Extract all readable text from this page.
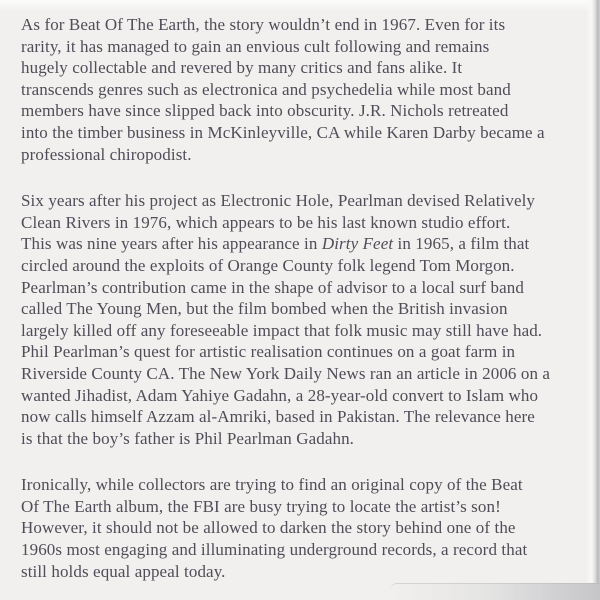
As for Beat Of The Earth, the story wouldn’t end in 1967. Even for its
rarity, it has managed to gain an envious cult following and remains
hugely collectable and revered by many critics and fans alike. It
transcends genres such as electronica and psychedelia while most band
members have since slipped back into obscurity. J.R. Nichols retreated
into the timber business in McKinleyville, CA while Karen Darby became a
professional chiropodist.
Six years after his project as Electronic Hole, Pearlman devised Relatively
Clean Rivers in 1976, which appears to be his last known studio effort.
This was nine years after his appearance in Dirty Feet in 1965, a film that
circled around the exploits of Orange County folk legend Tom Morgon.
Pearlman’s contribution came in the shape of advisor to a local surf band
called The Young Men, but the film bombed when the British invasion
largely killed off any foreseeable impact that folk music may still have had.
Phil Pearlman’s quest for artistic realisation continues on a goat farm in
Riverside County CA. The New York Daily News ran an article in 2006 on a
wanted Jihadist, Adam Yahiye Gadahn, a 28-year-old convert to Islam who
now calls himself Azzam al-Amriki, based in Pakistan. The relevance here
is that the boy’s father is Phil Pearlman Gadahn.
Ironically, while collectors are trying to find an original copy of the Beat
Of The Earth album, the FBI are busy trying to locate the artist’s son!
However, it should not be allowed to darken the story behind one of the
1960s most engaging and illuminating underground records, a record that
still holds equal appeal today.
